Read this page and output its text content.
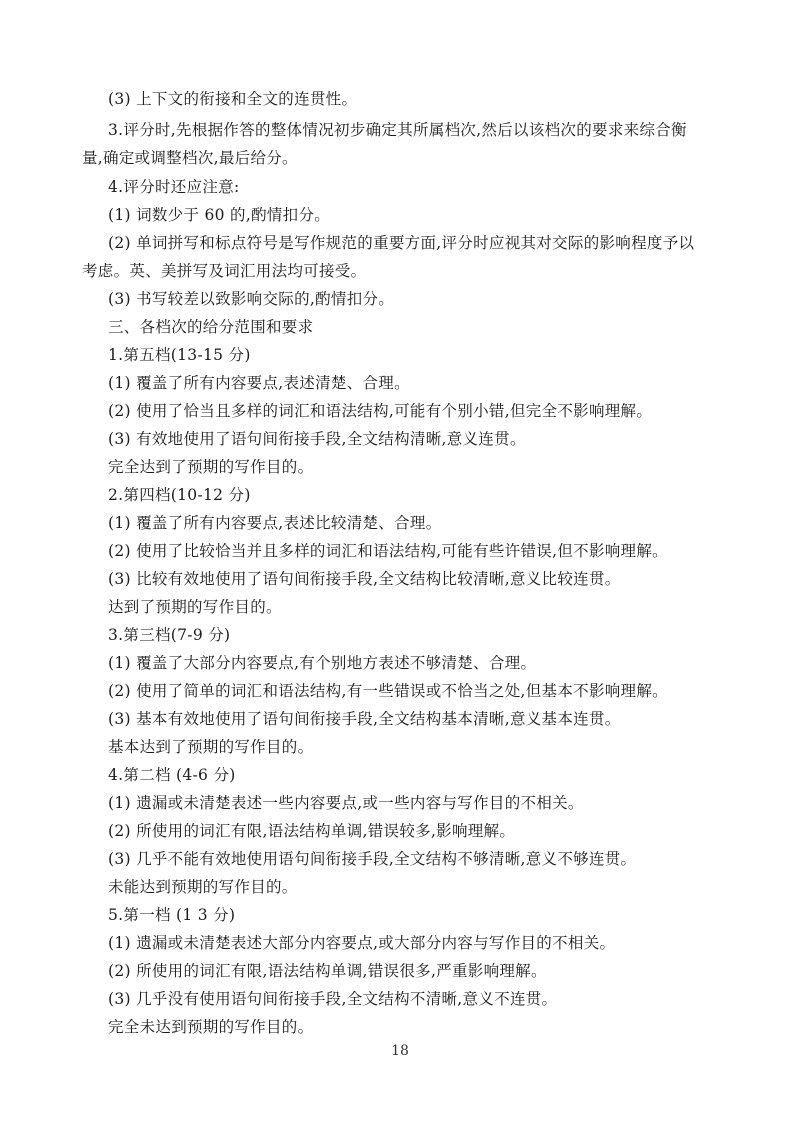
(3) 上下文的衔接和全文的连贯性。
3.评分时,先根据作答的整体情况初步确定其所属档次,然后以该档次的要求来综合衡
量,确定或调整档次,最后给分。
4.评分时还应注意:
(1) 词数少于 60 的,酌情扣分。
(2) 单词拼写和标点符号是写作规范的重要方面,评分时应视其对交际的影响程度予以
考虑。英、美拼写及词汇用法均可接受。
(3) 书写较差以致影响交际的,酌情扣分。
三、各档次的给分范围和要求
1.第五档(13-15 分)
(1) 覆盖了所有内容要点,表述清楚、合理。
(2) 使用了恰当且多样的词汇和语法结构,可能有个别小错,但完全不影响理解。
(3) 有效地使用了语句间衔接手段,全文结构清晰,意义连贯。
完全达到了预期的写作目的。
2.第四档(10-12 分)
(1) 覆盖了所有内容要点,表述比较清楚、合理。
(2) 使用了比较恰当并且多样的词汇和语法结构,可能有些许错误,但不影响理解。
(3) 比较有效地使用了语句间衔接手段,全文结构比较清晰,意义比较连贯。
达到了预期的写作目的。
3.第三档(7-9 分)
(1) 覆盖了大部分内容要点,有个别地方表述不够清楚、合理。
(2) 使用了简单的词汇和语法结构,有一些错误或不恰当之处,但基本不影响理解。
(3) 基本有效地使用了语句间衔接手段,全文结构基本清晰,意义基本连贯。
基本达到了预期的写作目的。
4.第二档 (4-6 分)
(1) 遗漏或未清楚表述一些内容要点,或一些内容与写作目的不相关。
(2) 所使用的词汇有限,语法结构单调,错误较多,影响理解。
(3) 几乎不能有效地使用语句间衔接手段,全文结构不够清晰,意义不够连贯。
未能达到预期的写作目的。
5.第一档 (1 3 分)
(1) 遗漏或未清楚表述大部分内容要点,或大部分内容与写作目的不相关。
(2) 所使用的词汇有限,语法结构单调,错误很多,严重影响理解。
(3) 几乎没有使用语句间衔接手段,全文结构不清晰,意义不连贯。
完全未达到预期的写作目的。
18
